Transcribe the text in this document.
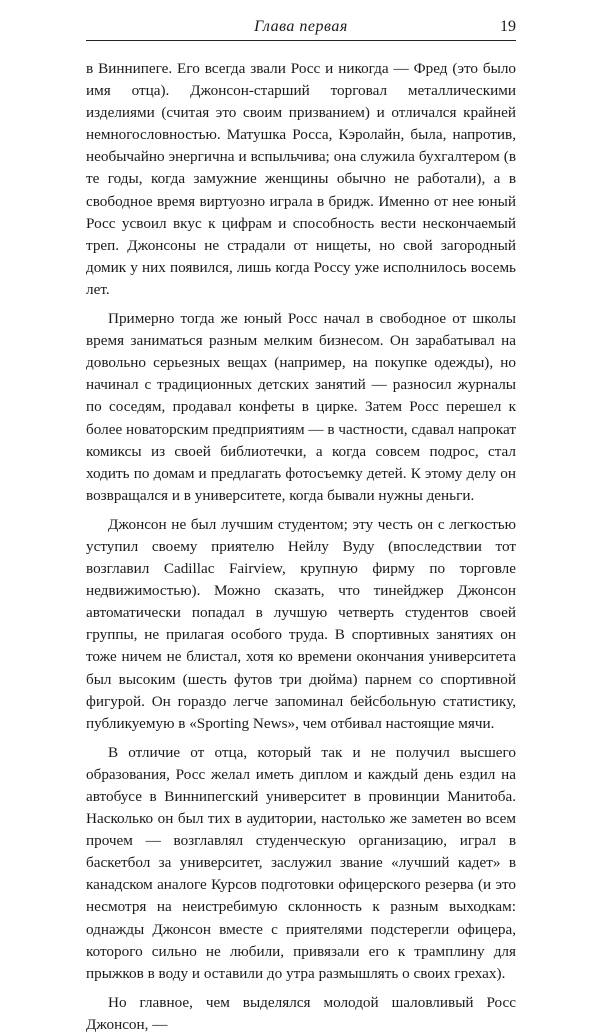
Глава первая	19

в Виннипеге. Его всегда звали Росс и никогда — Фред (это было имя отца). Джонсон-старший торговал металлическими изделиями (считая это своим призванием) и отличался крайней немногословностью. Матушка Росса, Кэролайн, была, напротив, необычайно энергична и вспыльчива; она служила бухгалтером (в те годы, когда замужние женщины обычно не работали), а в свободное время виртуозно играла в бридж. Именно от нее юный Росс усвоил вкус к цифрам и способность вести нескончаемый треп. Джонсоны не страдали от нищеты, но свой загородный домик у них появился, лишь когда Россу уже исполнилось восемь лет.

Примерно тогда же юный Росс начал в свободное от школы время заниматься разным мелким бизнесом. Он зарабатывал на довольно серьезных вещах (например, на покупке одежды), но начинал с традиционных детских занятий — разносил журналы по соседям, продавал конфеты в цирке. Затем Росс перешел к более новаторским предприятиям — в частности, сдавал напрокат комиксы из своей библиотечки, а когда совсем подрос, стал ходить по домам и предлагать фотосъемку детей. К этому делу он возвращался и в университете, когда бывали нужны деньги.

Джонсон не был лучшим студентом; эту честь он с легкостью уступил своему приятелю Нейлу Вуду (впоследствии тот возглавил Cadillac Fairview, крупную фирму по торговле недвижимостью). Можно сказать, что тинейджер Джонсон автоматически попадал в лучшую четверть студентов своей группы, не прилагая особого труда. В спортивных занятиях он тоже ничем не блистал, хотя ко времени окончания университета был высоким (шесть футов три дюйма) парнем со спортивной фигурой. Он гораздо легче запоминал бейсбольную статистику, публикуемую в «Sporting News», чем отбивал настоящие мячи.

В отличие от отца, который так и не получил высшего образования, Росс желал иметь диплом и каждый день ездил на автобусе в Виннипегский университет в провинции Манитоба. Насколько он был тих в аудитории, настолько же заметен во всем прочем — возглавлял студенческую организацию, играл в баскетбол за университет, заслужил звание «лучший кадет» в канадском аналоге Курсов подготовки офицерского резерва (и это несмотря на неистребимую склонность к разным выходкам: однажды Джонсон вместе с приятелями подстерегли офицера, которого сильно не любили, привязали его к трамплину для прыжков в воду и оставили до утра размышлять о своих грехах).

Но главное, чем выделялся молодой шаловливый Росс Джонсон, —
